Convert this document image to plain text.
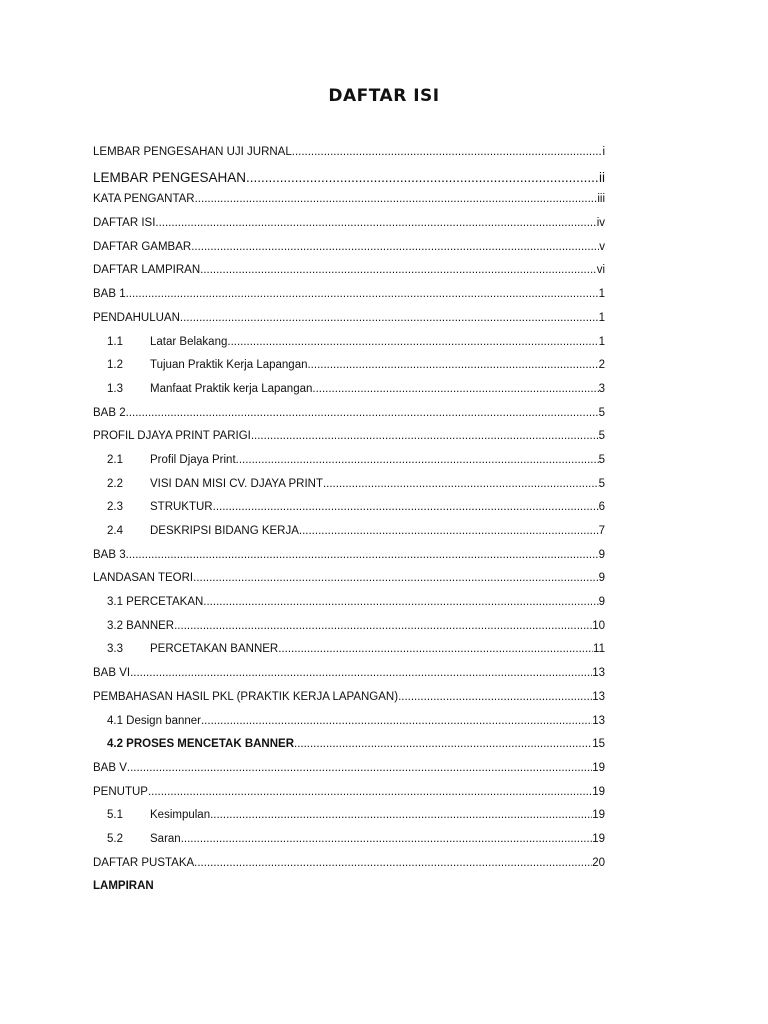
DAFTAR ISI
LEMBAR PENGESAHAN UJI JURNAL .....	i
LEMBAR PENGESAHAN .....	ii
KATA PENGANTAR .....	iii
DAFTAR ISI .....	iv
DAFTAR GAMBAR .....	v
DAFTAR LAMPIRAN .....	vi
BAB 1 .....	1
PENDAHULUAN .....	1
1.1	Latar Belakang .....	1
1.2	Tujuan Praktik Kerja Lapangan .....	2
1.3	Manfaat Praktik kerja Lapangan .....	3
BAB 2 .....	5
PROFIL DJAYA PRINT PARIGI .....	5
2.1	Profil Djaya Print .....	5
2.2	VISI DAN MISI CV. DJAYA PRINT .....	5
2.3	STRUKTUR .....	6
2.4	DESKRIPSI BIDANG KERJA .....	7
BAB 3 .....	9
LANDASAN TEORI .....	9
3.1 PERCETAKAN .....	9
3.2 BANNER .....	10
3.3	PERCETAKAN BANNER .....	11
BAB VI .....	13
PEMBAHASAN HASIL PKL (PRAKTIK KERJA LAPANGAN) .....	13
4.1 Design banner .....	13
4.2 PROSES MENCETAK BANNER .....	15
BAB V .....	19
PENUTUP .....	19
5.1	Kesimpulan .....	19
5.2	Saran .....	19
DAFTAR PUSTAKA .....	20
LAMPIRAN
